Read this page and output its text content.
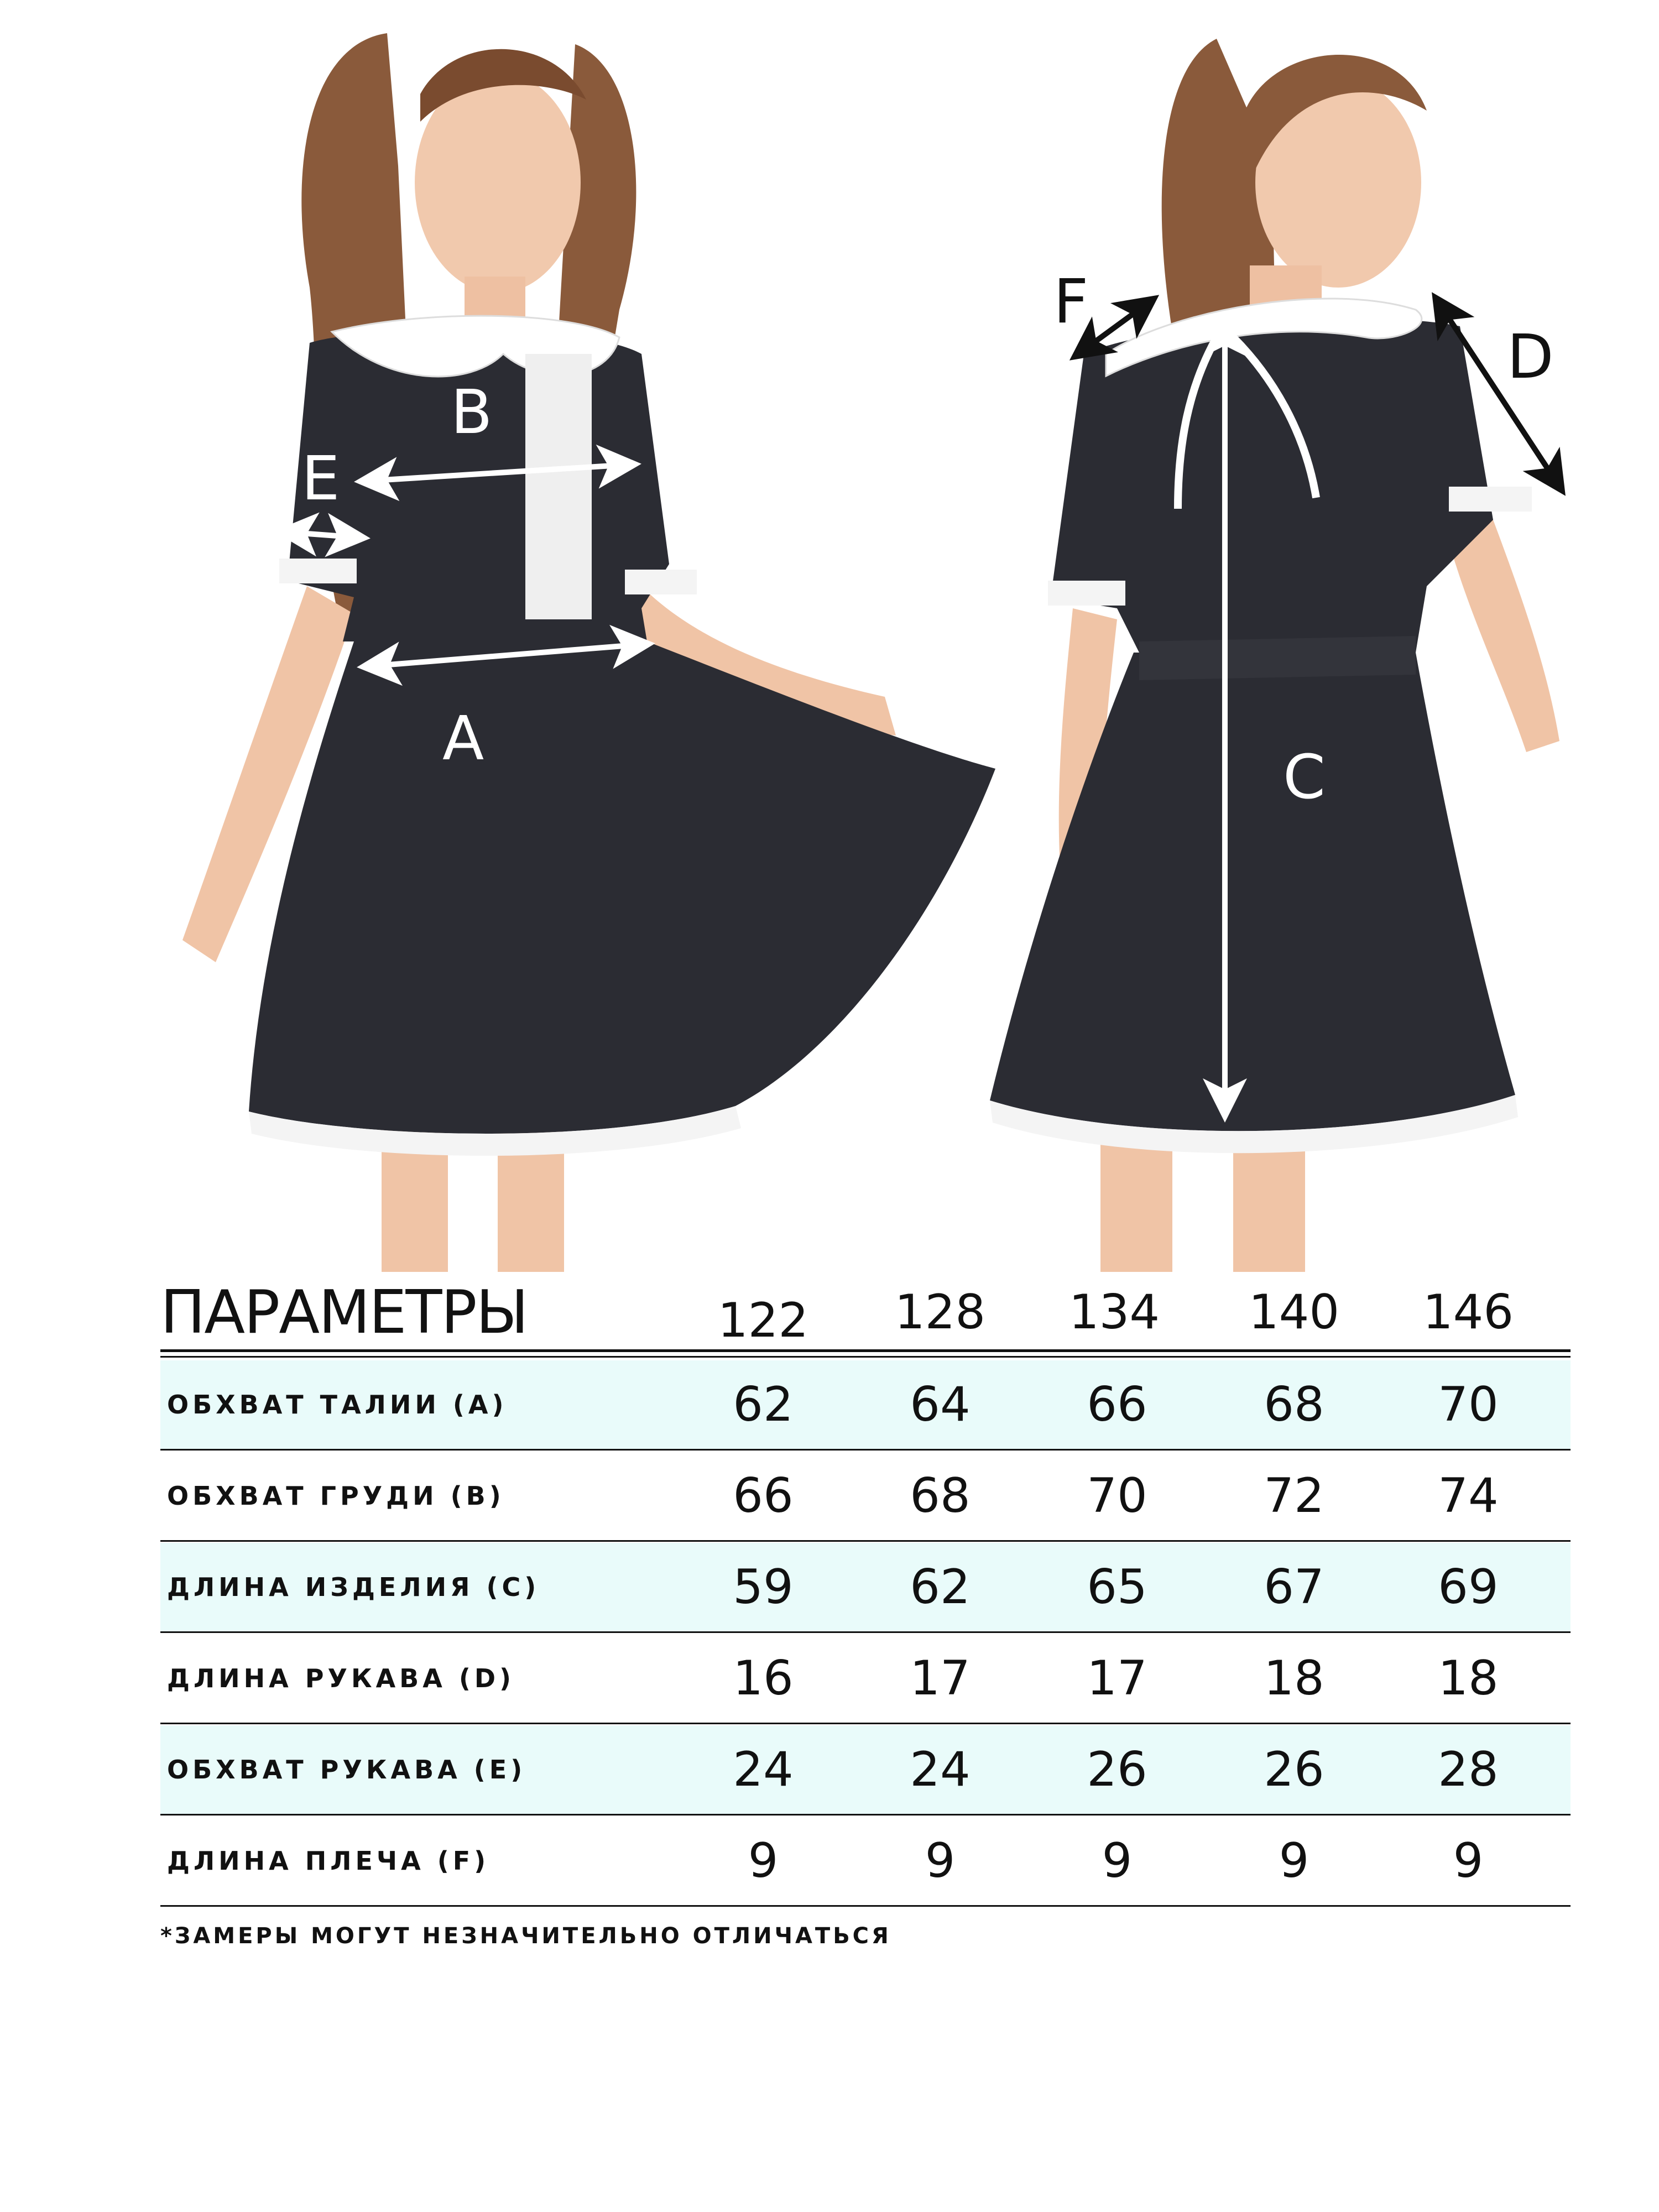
A
B
E
C
D
F
ПАРАМЕТРЫ	122	128	134	140	146
ОБХВАТ ТАЛИИ (A)	62	64	66	68	70
ОБХВАТ ГРУДИ (B)	66	68	70	72	74
ДЛИНА ИЗДЕЛИЯ (C)	59	62	65	67	69
ДЛИНА РУКАВА (D)	16	17	17	18	18
ОБХВАТ РУКАВА (E)	24	24	26	26	28
ДЛИНА ПЛЕЧА (F)	9	9	9	9	9
*ЗАМЕРЫ МОГУТ НЕЗНАЧИТЕЛЬНО ОТЛИЧАТЬСЯ
